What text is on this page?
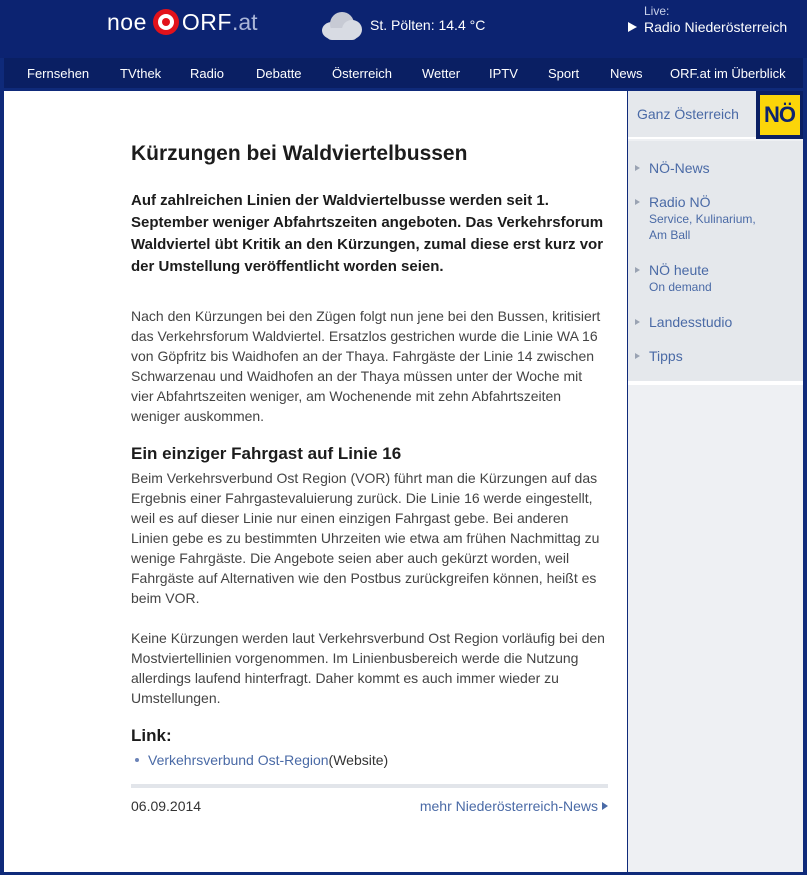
noe ORF .at	St. Pölten: 14.4 °C
Live:
Radio Niederösterreich
Fernsehen TVthek Radio Debatte Österreich Wetter IPTV Sport News ORF.at im Überblick
Kürzungen bei Waldviertelbussen
Auf zahlreichen Linien der Waldviertelbusse werden seit 1. September weniger Abfahrtszeiten angeboten. Das Verkehrsforum Waldviertel übt Kritik an den Kürzungen, zumal diese erst kurz vor der Umstellung veröffentlicht worden seien.

Nach den Kürzungen bei den Zügen folgt nun jene bei den Bussen, kritisiert das Verkehrsforum Waldviertel. Ersatzlos gestrichen wurde die Linie WA 16 von Göpfritz bis Waidhofen an der Thaya. Fahrgäste der Linie 14 zwischen Schwarzenau und Waidhofen an der Thaya müssen unter der Woche mit vier Abfahrtszeiten weniger, am Wochenende mit zehn Abfahrtszeiten weniger auskommen.

Ein einziger Fahrgast auf Linie 16

Beim Verkehrsverbund Ost Region (VOR) führt man die Kürzungen auf das Ergebnis einer Fahrgastevaluierung zurück. Die Linie 16 werde eingestellt, weil es auf dieser Linie nur einen einzigen Fahrgast gebe. Bei anderen Linien gebe es zu bestimmten Uhrzeiten wie etwa am frühen Nachmittag zu wenige Fahrgäste. Die Angebote seien aber auch gekürzt worden, weil Fahrgäste auf Alternativen wie den Postbus zurückgreifen können, heißt es beim VOR.

Keine Kürzungen werden laut Verkehrsverbund Ost Region vorläufig bei den Mostviertellinien vorgenommen. Im Linienbusbereich werde die Nutzung allerdings laufend hinterfragt. Daher kommt es auch immer wieder zu Umstellungen.

Link:
Verkehrsverbund Ost-Region (Website)
06.09.2014	mehr Niederösterreich-News
Ganz Österreich	NÖ
NÖ-News
Radio NÖ
Service, Kulinarium, Am Ball
NÖ heute
On demand
Landesstudio
Tipps
